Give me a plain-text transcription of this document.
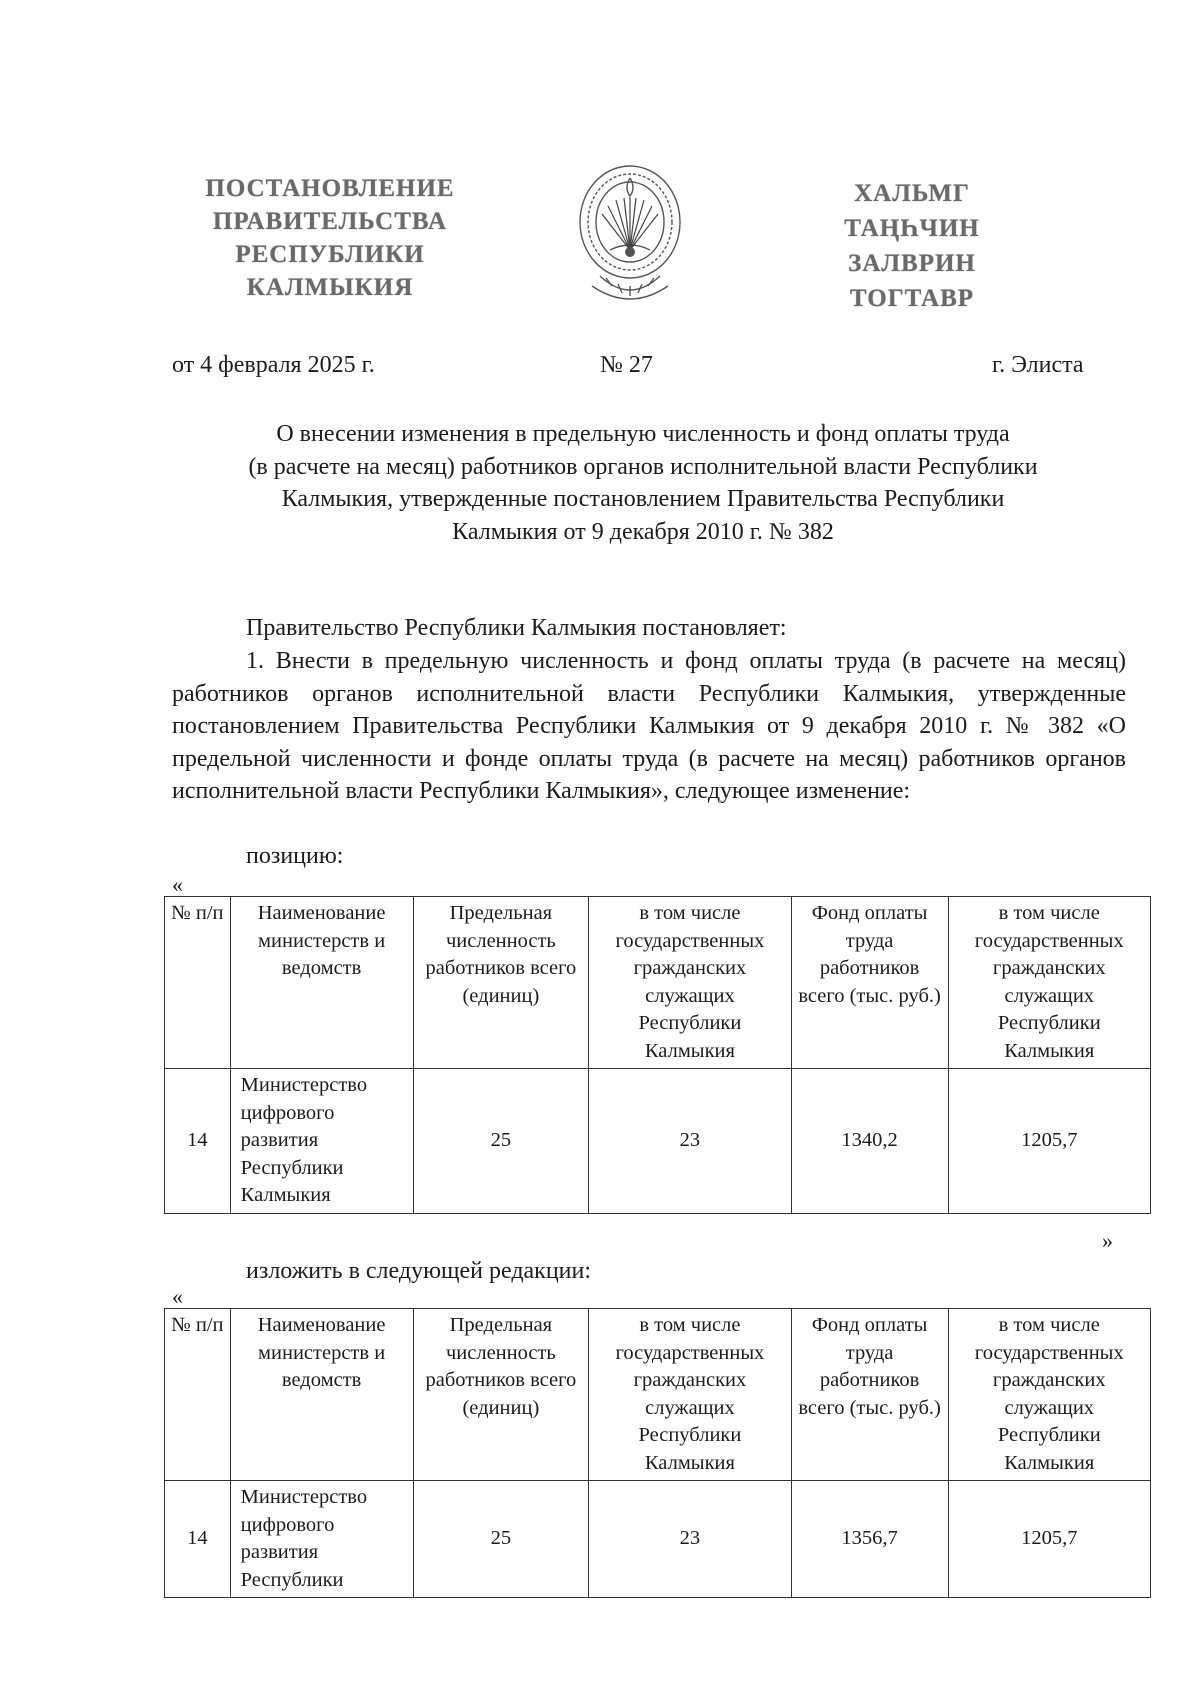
ПОСТАНОВЛЕНИЕ
ПРАВИТЕЛЬСТВА
РЕСПУБЛИКИ
КАЛМЫКИЯ
ХАЛЬМГ
ТАҢҺЧИН
ЗАЛВРИН
ТОГТАВР
от 4 февраля 2025 г.	№ 27	г. Элиста
О внесении изменения в предельную численность и фонд оплаты труда
(в расчете на месяц) работников органов исполнительной власти Республики
Калмыкия, утвержденные постановлением Правительства Республики
Калмыкия от 9 декабря 2010 г. № 382
Правительство Республики Калмыкия постановляет:
1. Внести в предельную численность и фонд оплаты труда (в расчете на месяц) работников органов исполнительной власти Республики Калмыкия, утвержденные постановлением Правительства Республики Калмыкия от 9 декабря 2010 г. № 382 «О предельной численности и фонде оплаты труда (в расчете на месяц) работников органов исполнительной власти Республики Калмыкия», следующее изменение:
позицию:
«
№ п/п	Наименование министерств и ведомств	Предельная численность работников всего (единиц)	в том числе государственных гражданских служащих Республики Калмыкия	Фонд оплаты труда работников всего (тыс. руб.)	в том числе государственных гражданских служащих Республики Калмыкия
14	Министерство цифрового развития Республики Калмыкия	25	23	1340,2	1205,7
»
изложить в следующей редакции:
«
№ п/п	Наименование министерств и ведомств	Предельная численность работников всего (единиц)	в том числе государственных гражданских служащих Республики Калмыкия	Фонд оплаты труда работников всего (тыс. руб.)	в том числе государственных гражданских служащих Республики Калмыкия
14	Министерство цифрового развития Республики	25	23	1356,7	1205,7
